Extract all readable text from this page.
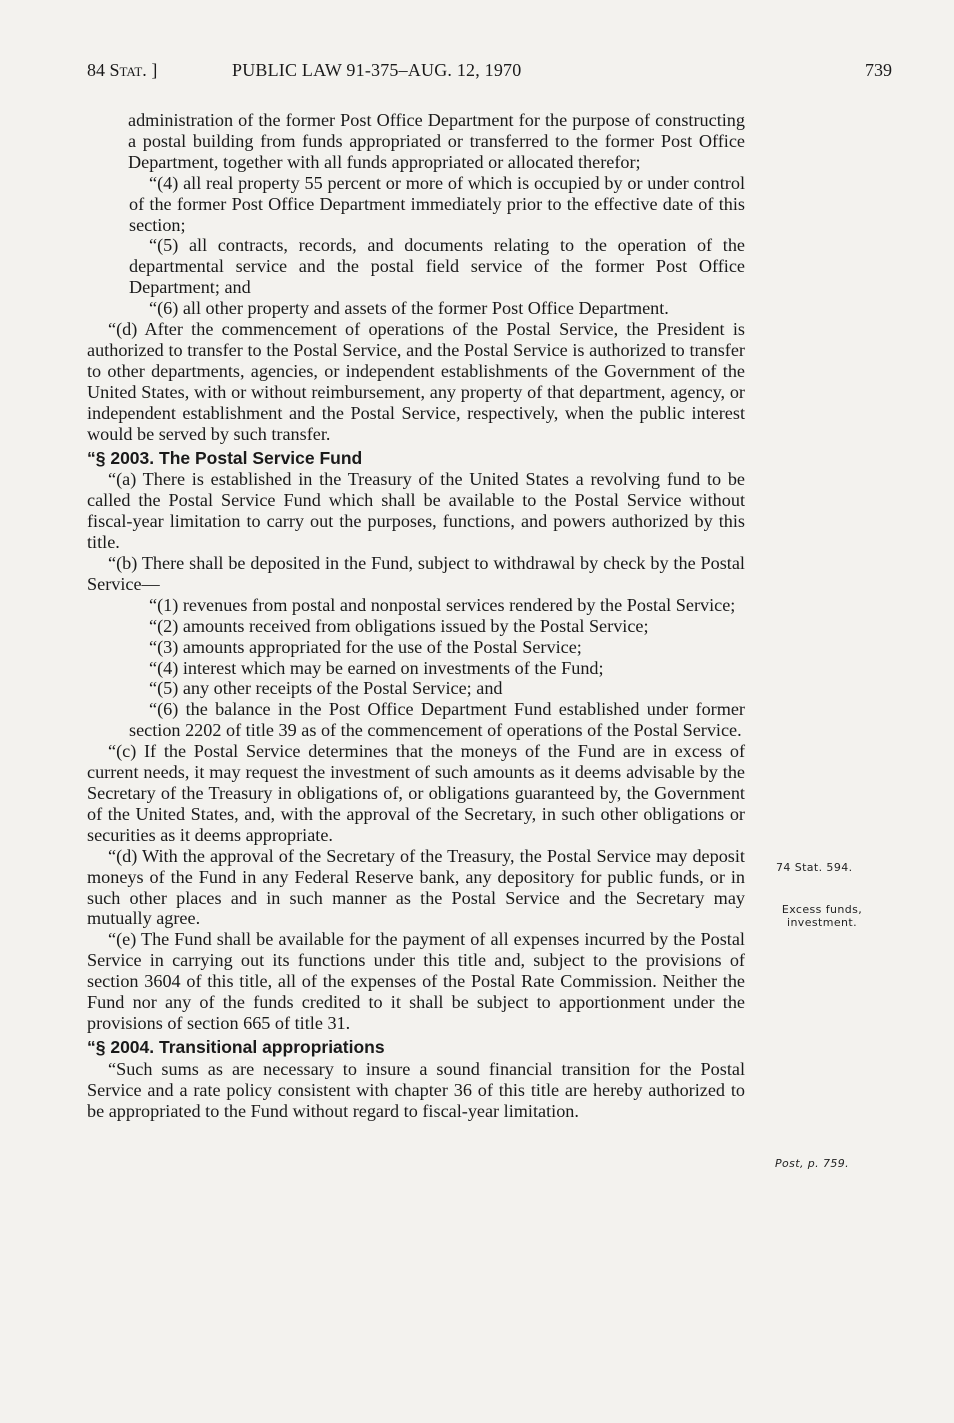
84 Stat. ]	PUBLIC LAW 91-375–AUG. 12, 1970	739

administration of the former Post Office Department for the purpose of constructing a postal building from funds appropriated or transferred to the former Post Office Department, together with all funds appropriated or allocated therefor;

“(4) all real property 55 percent or more of which is occupied by or under control of the former Post Office Department immediately prior to the effective date of this section;

“(5) all contracts, records, and documents relating to the operation of the departmental service and the postal field service of the former Post Office Department; and

“(6) all other property and assets of the former Post Office Department.

“(d) After the commencement of operations of the Postal Service, the President is authorized to transfer to the Postal Service, and the Postal Service is authorized to transfer to other departments, agencies, or independent establishments of the Government of the United States, with or without reimbursement, any property of that department, agency, or independent establishment and the Postal Service, respectively, when the public interest would be served by such transfer.

“§ 2003. The Postal Service Fund

“(a) There is established in the Treasury of the United States a revolving fund to be called the Postal Service Fund which shall be available to the Postal Service without fiscal-year limitation to carry out the purposes, functions, and powers authorized by this title.

“(b) There shall be deposited in the Fund, subject to withdrawal by check by the Postal Service—

“(1) revenues from postal and nonpostal services rendered by the Postal Service;

“(2) amounts received from obligations issued by the Postal Service;

“(3) amounts appropriated for the use of the Postal Service;

“(4) interest which may be earned on investments of the Fund;

“(5) any other receipts of the Postal Service; and

“(6) the balance in the Post Office Department Fund established under former section 2202 of title 39 as of the commencement of operations of the Postal Service.

“(c) If the Postal Service determines that the moneys of the Fund are in excess of current needs, it may request the investment of such amounts as it deems advisable by the Secretary of the Treasury in obligations of, or obligations guaranteed by, the Government of the United States, and, with the approval of the Secretary, in such other obligations or securities as it deems appropriate.

“(d) With the approval of the Secretary of the Treasury, the Postal Service may deposit moneys of the Fund in any Federal Reserve bank, any depository for public funds, or in such other places and in such manner as the Postal Service and the Secretary may mutually agree.

“(e) The Fund shall be available for the payment of all expenses incurred by the Postal Service in carrying out its functions under this title and, subject to the provisions of section 3604 of this title, all of the expenses of the Postal Rate Commission. Neither the Fund nor any of the funds credited to it shall be subject to apportionment under the provisions of section 665 of title 31.

“§ 2004. Transitional appropriations

“Such sums as are necessary to insure a sound financial transition for the Postal Service and a rate policy consistent with chapter 36 of this title are hereby authorized to be appropriated to the Fund without regard to fiscal-year limitation.

74 Stat. 594.
Excess funds, investment.
Post, p. 759.
